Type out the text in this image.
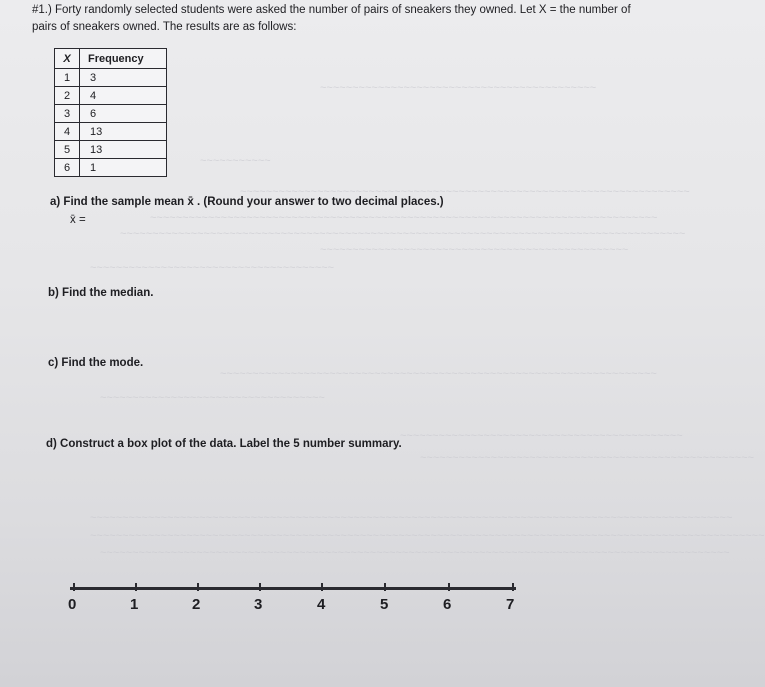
~~~~~~~~~~~~~~~~~~~~~~~~~~~~~~~~~~~~~~~~~~~
~~~~~~~~~~~
~~~~~~~~~~~~~~~~~~~~~~~~~~~~~~~~~~~~~~~~~~~~~~~~~~~~~~~~~~~~~~~~~~~~~~
~~~~~~~~~~~~~~~~~~~~~~~~~~~~~~~~~~~~~~~~~~~~~~~~~~~~~~~~~~~~~~~~~~~~~~~~~~~~~~~
~~~~~~~~~~~~~~~~~~~~~~~~~~~~~~~~~~~~~~~~~~~~~~~~~~~~~~~~~~~~~~~~~~~~~~~~~~~~~~~~~~~~~~~~
~~~~~~~~~~~~~~~~~~~~~~~~~~~~~~~~~~~~~~~~~~~~~~~~
~~~~~~~~~~~~~~~~~~~~~~~~~~~~~~~~~~~~~~
~~~~~~~~~~~~~~~~~~~~~~~~~~~~~~~~~~~~~~~~~~~~~~~~~~~~~~~~~~~~~~~~~~~~
~~~~~~~~~~~~~~~~~~~~~~~~~~~~~~~~~~~
~~~~~~~~~~~~~~~~~~~~~~~~~~~~~~~~~~~~~~~~~~~~
~~~~~~~~~~~~~~~~~~~~~~~~~~~~~~~~~~~~~~~~~~~~~~~~~~~~
~~~~~~~~~~~~~~~~~~~~~~~~~~~~~~~~~~~~~~~~~~~~~~~~~~~~~~~~~~~~~~~~~~~~~~~~~~~~~~~~~~~~~~~~~~~~~~~~~~~~
~~~~~~~~~~~~~~~~~~~~~~~~~~~~~~~~~~~~~~~~~~~~~~~~~~~~~~~~~~~~~~~~~~~~~~~~~~~~~~~~~~~~~~~~~~~~~~~~~~~~~~~~~
~~~~~~~~~~~~~~~~~~~~~~~~~~~~~~~~~~~~~~~~~~~~~~~~~~~~~~~~~~~~~~~~~~~~~~~~~~~~~~~~~~~~~~~~~~~~~~~~~~
#1.) Forty randomly selected students were asked the number of pairs of sneakers they owned. Let X = the number of pairs of sneakers owned. The results are as follows:
X	Frequency
1	3
2	4
3	6
4	13
5	13
6	1
a) Find the sample mean x̄ . (Round your answer to two decimal places.)
x̄ =
b) Find the median.
c) Find the mode.
d) Construct a box plot of the data. Label the 5 number summary.
0	1	2	3	4	5	6	7
